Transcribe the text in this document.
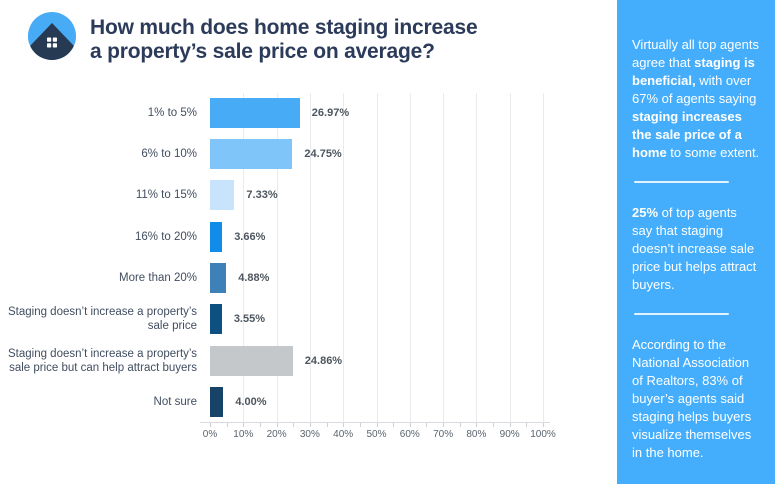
How much does home staging increase
a property’s sale price on average?
1% to 5%	26.97%
6% to 10%	24.75%
11% to 15%	7.33%
16% to 20%	3.66%
More than 20%	4.88%
Staging doesn’t increase a property’s sale price
3.55%
Staging doesn’t increase a property’s sale price but can help attract buyers
24.86%
Not sure	4.00%
0%	10%	20%	30%	40%	50%	60%	70%	80%	90%	100%

Virtually all top agents agree that staging is beneficial, with over 67% of agents saying staging increases the sale price of a home to some extent.

25% of top agents say that staging doesn’t increase sale price but helps attract buyers.

According to the National Association of Realtors, 83% of buyer’s agents said staging helps buyers visualize themselves in the home.
